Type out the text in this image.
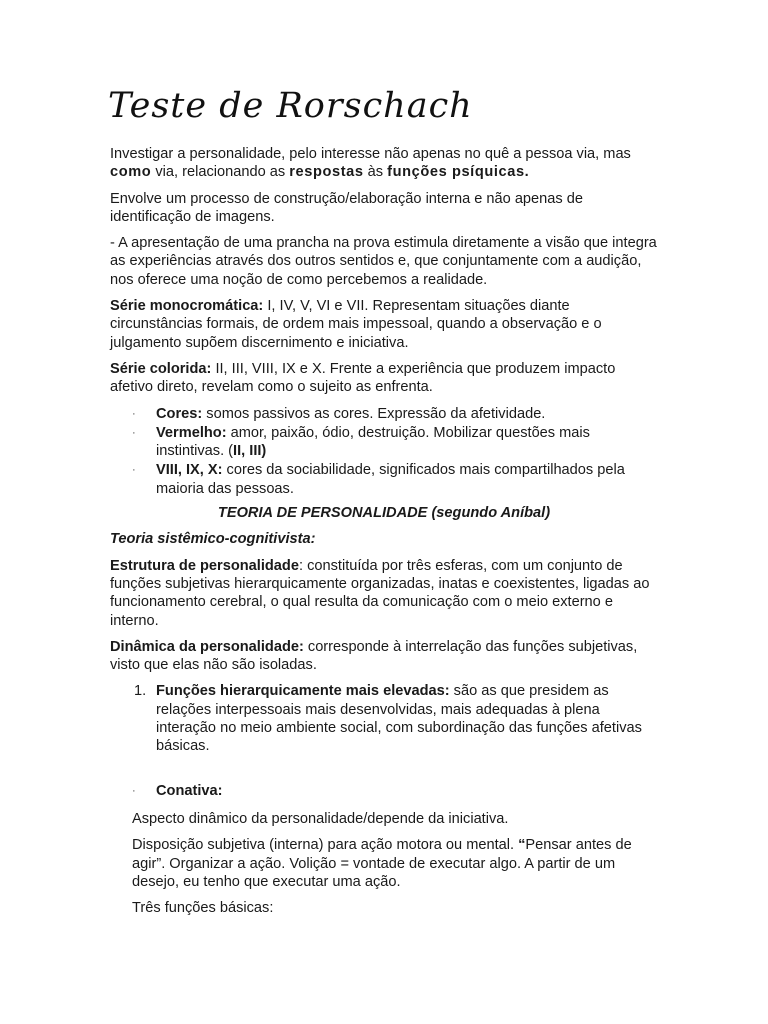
Teste de Rorschach

Investigar a personalidade, pelo interesse não apenas no quê a pessoa via, mas como via, relacionando as respostas às funções psíquicas.

Envolve um processo de construção/elaboração interna e não apenas de identificação de imagens.

- A apresentação de uma prancha na prova estimula diretamente a visão que integra as experiências através dos outros sentidos e, que conjuntamente com a audição, nos oferece uma noção de como percebemos a realidade.

Série monocromática: I, IV, V, VI e VII. Representam situações diante circunstâncias formais, de ordem mais impessoal, quando a observação e o julgamento supõem discernimento e iniciativa.

Série colorida: II, III, VIII, IX e X. Frente a experiência que produzem impacto afetivo direto, revelam como o sujeito as enfrenta.

· Cores: somos passivos as cores. Expressão da afetividade.
· Vermelho: amor, paixão, ódio, destruição. Mobilizar questões mais instintivas. (II, III)
· VIII, IX, X: cores da sociabilidade, significados mais compartilhados pela maioria das pessoas.

TEORIA DE PERSONALIDADE (segundo Aníbal)

Teoria sistêmico-cognitivista:

Estrutura de personalidade: constituída por três esferas, com um conjunto de funções subjetivas hierarquicamente organizadas, inatas e coexistentes, ligadas ao funcionamento cerebral, o qual resulta da comunicação com o meio externo e interno.

Dinâmica da personalidade: corresponde à interrelação das funções subjetivas, visto que elas não são isoladas.

1. Funções hierarquicamente mais elevadas: são as que presidem as relações interpessoais mais desenvolvidas, mais adequadas à plena interação no meio ambiente social, com subordinação das funções afetivas básicas.
· Conativa:

Aspecto dinâmico da personalidade/depende da iniciativa.

Disposição subjetiva (interna) para ação motora ou mental. “Pensar antes de agir”. Organizar a ação. Volição = vontade de executar algo. A partir de um desejo, eu tenho que executar uma ação.

Três funções básicas:
